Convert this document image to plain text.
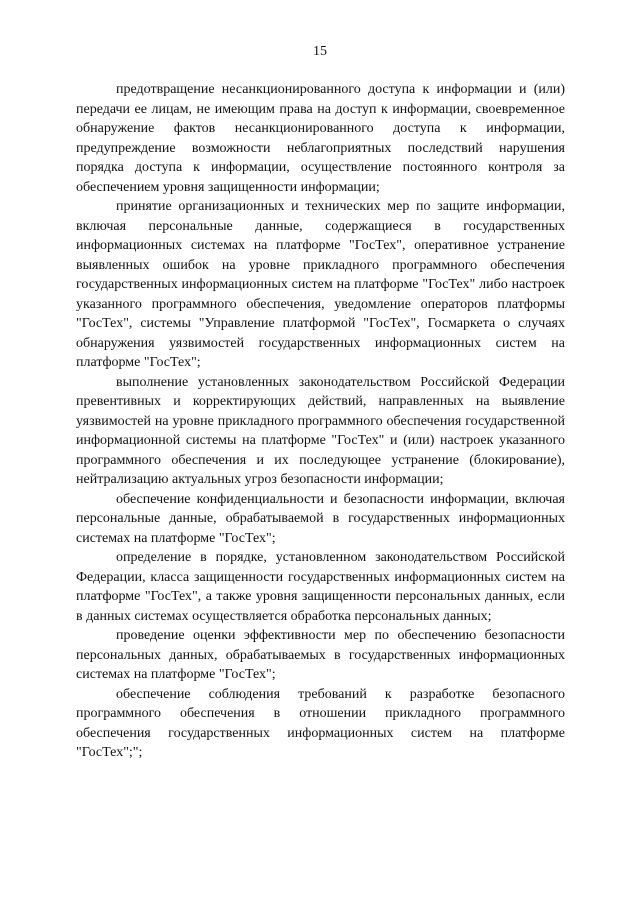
15

предотвращение несанкционированного доступа к информации и (или) передачи ее лицам, не имеющим права на доступ к информации, своевременное обнаружение фактов несанкционированного доступа к информации, предупреждение возможности неблагоприятных последствий нарушения порядка доступа к информации, осуществление постоянного контроля за обеспечением уровня защищенности информации;

принятие организационных и технических мер по защите информации, включая персональные данные, содержащиеся в государственных информационных системах на платформе "ГосТех", оперативное устранение выявленных ошибок на уровне прикладного программного обеспечения государственных информационных систем на платформе "ГосТех" либо настроек указанного программного обеспечения, уведомление операторов платформы "ГосТех", системы "Управление платформой "ГосТех", Госмаркета о случаях обнаружения уязвимостей государственных информационных систем на платформе "ГосТех";

выполнение установленных законодательством Российской Федерации превентивных и корректирующих действий, направленных на выявление уязвимостей на уровне прикладного программного обеспечения государственной информационной системы на платформе "ГосТех" и (или) настроек указанного программного обеспечения и их последующее устранение (блокирование), нейтрализацию актуальных угроз безопасности информации;

обеспечение конфиденциальности и безопасности информации, включая персональные данные, обрабатываемой в государственных информационных системах на платформе "ГосТех";

определение в порядке, установленном законодательством Российской Федерации, класса защищенности государственных информационных систем на платформе "ГосТех", а также уровня защищенности персональных данных, если в данных системах осуществляется обработка персональных данных;

проведение оценки эффективности мер по обеспечению безопасности персональных данных, обрабатываемых в государственных информационных системах на платформе "ГосТех";

обеспечение соблюдения требований к разработке безопасного программного обеспечения в отношении прикладного программного обеспечения государственных информационных систем на платформе "ГосТех";";
